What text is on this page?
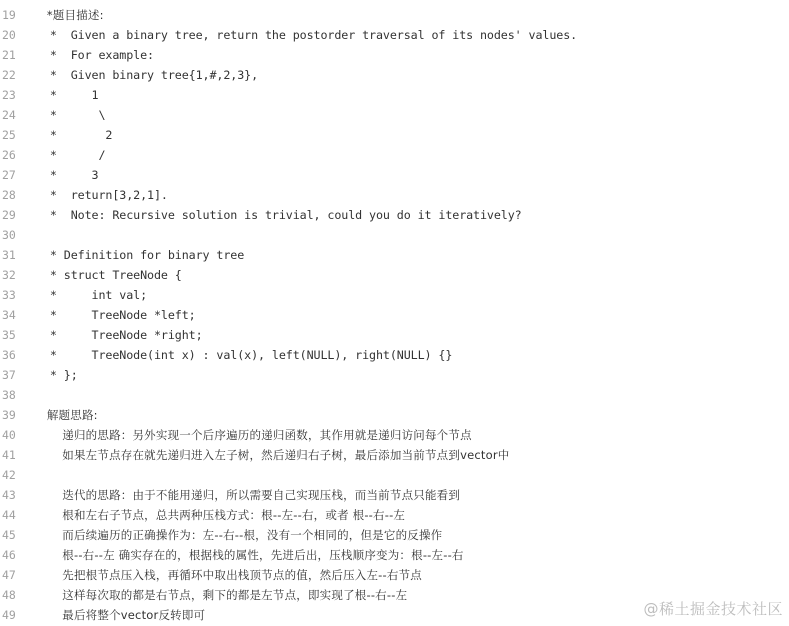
19	*题目描述:
20	*  Given a binary tree, return the postorder traversal of its nodes' values.
21	*  For example:
22	*  Given binary tree{1,#,2,3},
23	*     1
24	*      \
25	*       2
26	*      /
27	*     3
28	*  return[3,2,1].
29	*  Note: Recursive solution is trivial, could you do it iteratively?
30
31	* Definition for binary tree
32	* struct TreeNode {
33	*     int val;
34	*     TreeNode *left;
35	*     TreeNode *right;
36	*     TreeNode(int x) : val(x), left(NULL), right(NULL) {}
37	* };
38
39	解题思路:
40	递归的思路：另外实现一个后序遍历的递归函数，其作用就是递归访问每个节点
41	如果左节点存在就先递归进入左子树，然后递归右子树，最后添加当前节点到vector中
42
43	迭代的思路：由于不能用递归，所以需要自己实现压栈，而当前节点只能看到
44	根和左右子节点，总共两种压栈方式：根--左--右，或者 根--右--左
45	而后续遍历的正确操作为：左--右--根，没有一个相同的，但是它的反操作
46	根--右--左 确实存在的，根据栈的属性，先进后出，压栈顺序变为：根--左--右
47	先把根节点压入栈，再循环中取出栈顶节点的值，然后压入左--右节点
48	这样每次取的都是右节点，剩下的都是左节点，即实现了根--右--左
49	最后将整个vector反转即可	@稀土掘金技术社区
